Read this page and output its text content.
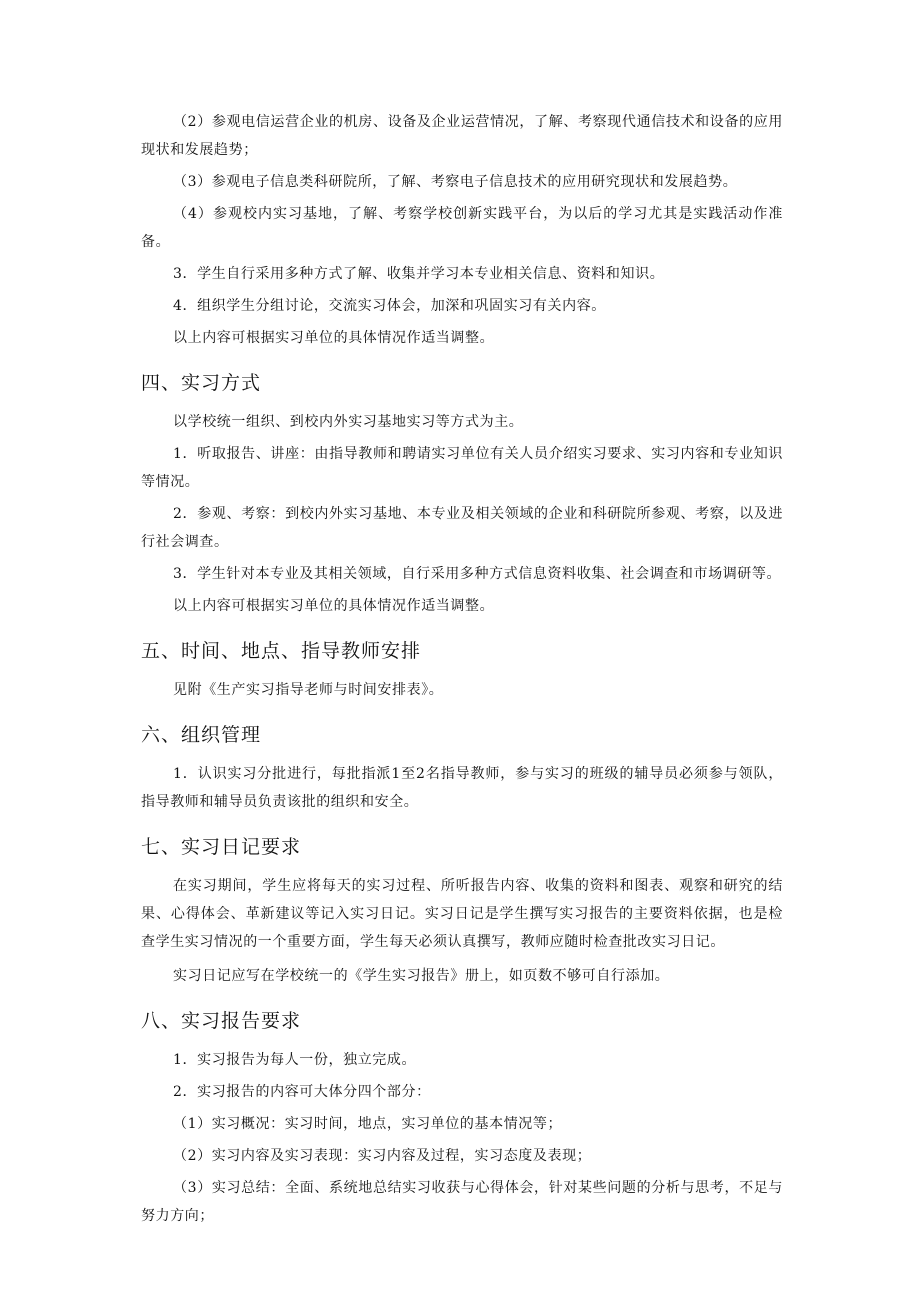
（2）参观电信运营企业的机房、设备及企业运营情况，了解、考察现代通信技术和设备的应用现状和发展趋势；

（3）参观电子信息类科研院所，了解、考察电子信息技术的应用研究现状和发展趋势。

（4）参观校内实习基地，了解、考察学校创新实践平台，为以后的学习尤其是实践活动作准备。

3．学生自行采用多种方式了解、收集并学习本专业相关信息、资料和知识。

4．组织学生分组讨论，交流实习体会，加深和巩固实习有关内容。

以上内容可根据实习单位的具体情况作适当调整。

四、实习方式

以学校统一组织、到校内外实习基地实习等方式为主。

1．听取报告、讲座：由指导教师和聘请实习单位有关人员介绍实习要求、实习内容和专业知识等情况。

2．参观、考察：到校内外实习基地、本专业及相关领域的企业和科研院所参观、考察，以及进行社会调查。

3．学生针对本专业及其相关领域，自行采用多种方式信息资料收集、社会调查和市场调研等。

以上内容可根据实习单位的具体情况作适当调整。

五、时间、地点、指导教师安排

见附《生产实习指导老师与时间安排表》。

六、组织管理

1．认识实习分批进行，每批指派1至2名指导教师，参与实习的班级的辅导员必须参与领队，指导教师和辅导员负责该批的组织和安全。

七、实习日记要求

在实习期间，学生应将每天的实习过程、所听报告内容、收集的资料和图表、观察和研究的结果、心得体会、革新建议等记入实习日记。实习日记是学生撰写实习报告的主要资料依据，也是检查学生实习情况的一个重要方面，学生每天必须认真撰写，教师应随时检查批改实习日记。

实习日记应写在学校统一的《学生实习报告》册上，如页数不够可自行添加。

八、实习报告要求

1．实习报告为每人一份，独立完成。

2．实习报告的内容可大体分四个部分：

（1）实习概况：实习时间，地点，实习单位的基本情况等；

（2）实习内容及实习表现：实习内容及过程，实习态度及表现；

（3）实习总结：全面、系统地总结实习收获与心得体会，针对某些问题的分析与思考，不足与努力方向；
